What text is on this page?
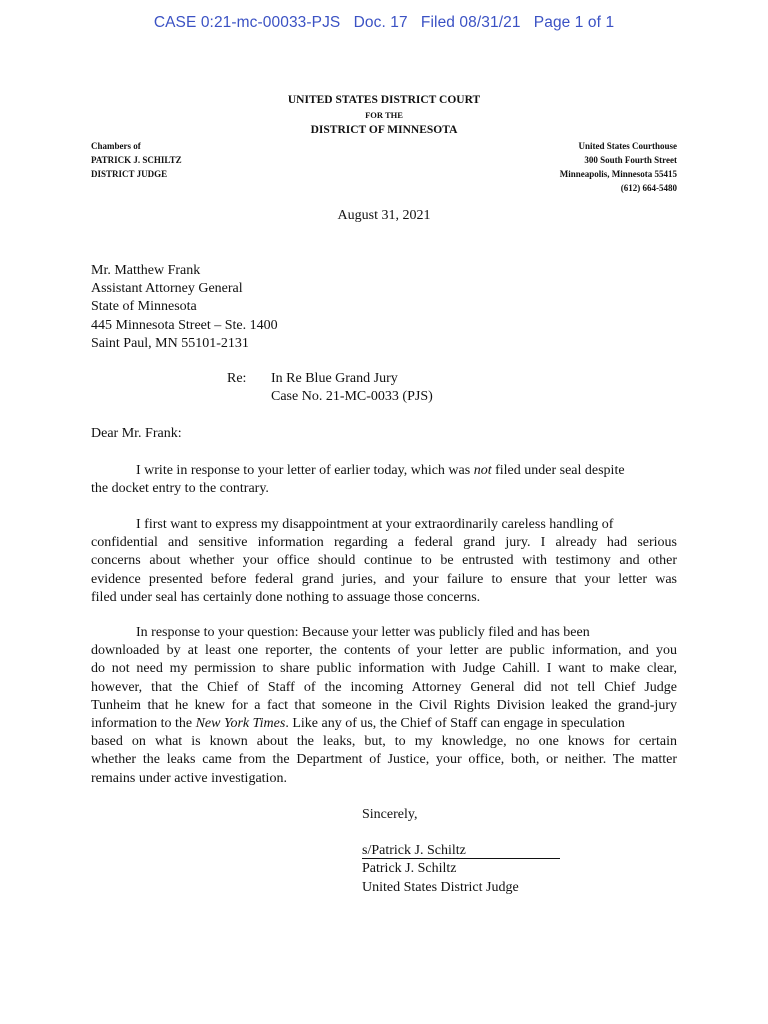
CASE 0:21-mc-00033-PJS   Doc. 17   Filed 08/31/21   Page 1 of 1
UNITED STATES DISTRICT COURT
FOR THE
DISTRICT OF MINNESOTA
Chambers of
PATRICK J. SCHILTZ
DISTRICT JUDGE
United States Courthouse
300 South Fourth Street
Minneapolis, Minnesota 55415
(612) 664-5480
August 31, 2021
Mr. Matthew Frank
Assistant Attorney General
State of Minnesota
445 Minnesota Street – Ste. 1400
Saint Paul, MN 55101-2131
Re: In Re Blue Grand Jury
Case No. 21-MC-0033 (PJS)
Dear Mr. Frank:
I write in response to your letter of earlier today, which was not filed under seal despite
the docket entry to the contrary.
I first want to express my disappointment at your extraordinarily careless handling of
confidential and sensitive information regarding a federal grand jury. I already had serious
concerns about whether your office should continue to be entrusted with testimony and other
evidence presented before federal grand juries, and your failure to ensure that your letter was
filed under seal has certainly done nothing to assuage those concerns.
In response to your question: Because your letter was publicly filed and has been
downloaded by at least one reporter, the contents of your letter are public information, and you
do not need my permission to share public information with Judge Cahill. I want to make clear,
however, that the Chief of Staff of the incoming Attorney General did not tell Chief Judge
Tunheim that he knew for a fact that someone in the Civil Rights Division leaked the grand-jury
information to the New York Times. Like any of us, the Chief of Staff can engage in speculation
based on what is known about the leaks, but, to my knowledge, no one knows for certain
whether the leaks came from the Department of Justice, your office, both, or neither. The matter
remains under active investigation.
Sincerely,
s/Patrick J. Schiltz
Patrick J. Schiltz
United States District Judge
